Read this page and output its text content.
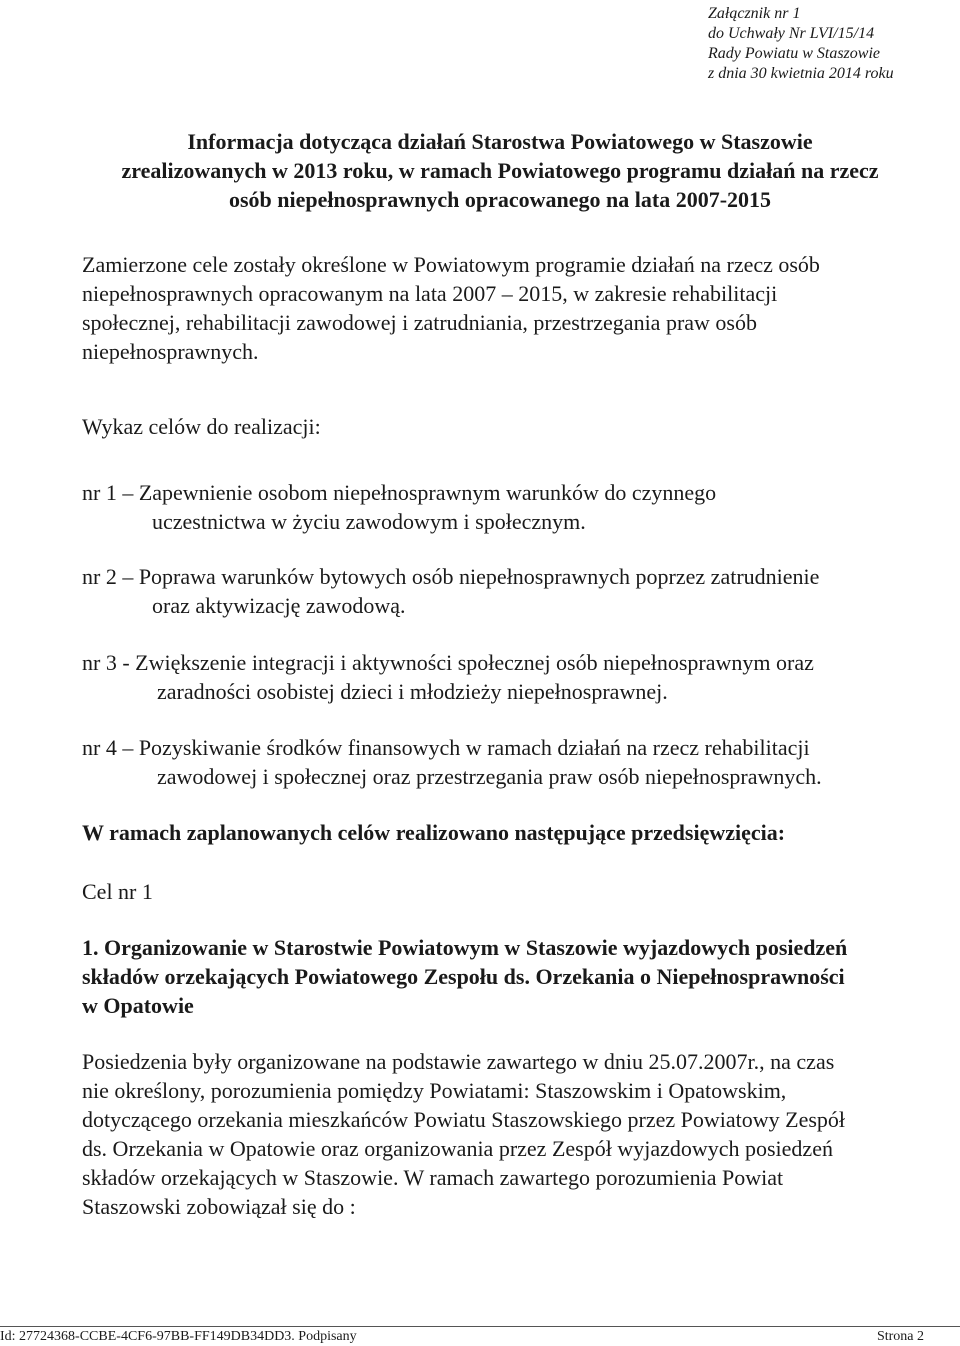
Załącznik nr 1
do Uchwały Nr LVI/15/14
Rady Powiatu w Staszowie
z dnia 30 kwietnia 2014 roku
Informacja dotycząca działań Starostwa Powiatowego w Staszowie
zrealizowanych w 2013 roku, w ramach Powiatowego programu działań na rzecz
osób niepełnosprawnych opracowanego na lata 2007-2015
Zamierzone cele zostały określone w Powiatowym programie działań na rzecz osób
niepełnosprawnych opracowanym na lata 2007 – 2015, w zakresie rehabilitacji
społecznej, rehabilitacji zawodowej i zatrudniania, przestrzegania praw osób
niepełnosprawnych.
Wykaz celów do realizacji:
nr 1 – Zapewnienie osobom niepełnosprawnym warunków do czynnego
uczestnictwa w życiu zawodowym i społecznym.
nr 2 – Poprawa warunków bytowych osób niepełnosprawnych poprzez zatrudnienie
oraz aktywizację zawodową.
nr 3 - Zwiększenie integracji i aktywności społecznej osób niepełnosprawnym oraz
zaradności osobistej dzieci i młodzieży niepełnosprawnej.
nr 4 – Pozyskiwanie środków finansowych w ramach działań na rzecz rehabilitacji
zawodowej i społecznej oraz przestrzegania praw osób niepełnosprawnych.
W ramach zaplanowanych celów realizowano następujące przedsięwzięcia:
Cel nr 1
1. Organizowanie w Starostwie Powiatowym w Staszowie wyjazdowych posiedzeń
składów orzekających Powiatowego Zespołu ds. Orzekania o Niepełnosprawności
w Opatowie
Posiedzenia były organizowane na podstawie zawartego w dniu 25.07.2007r., na czas
nie określony, porozumienia pomiędzy Powiatami: Staszowskim i Opatowskim,
dotyczącego orzekania mieszkańców Powiatu Staszowskiego przez Powiatowy Zespół
ds. Orzekania w Opatowie oraz organizowania przez Zespół wyjazdowych posiedzeń
składów orzekających w Staszowie. W ramach zawartego porozumienia Powiat
Staszowski zobowiązał się do :
Id: 27724368-CCBE-4CF6-97BB-FF149DB34DD3. Podpisany	Strona 2
